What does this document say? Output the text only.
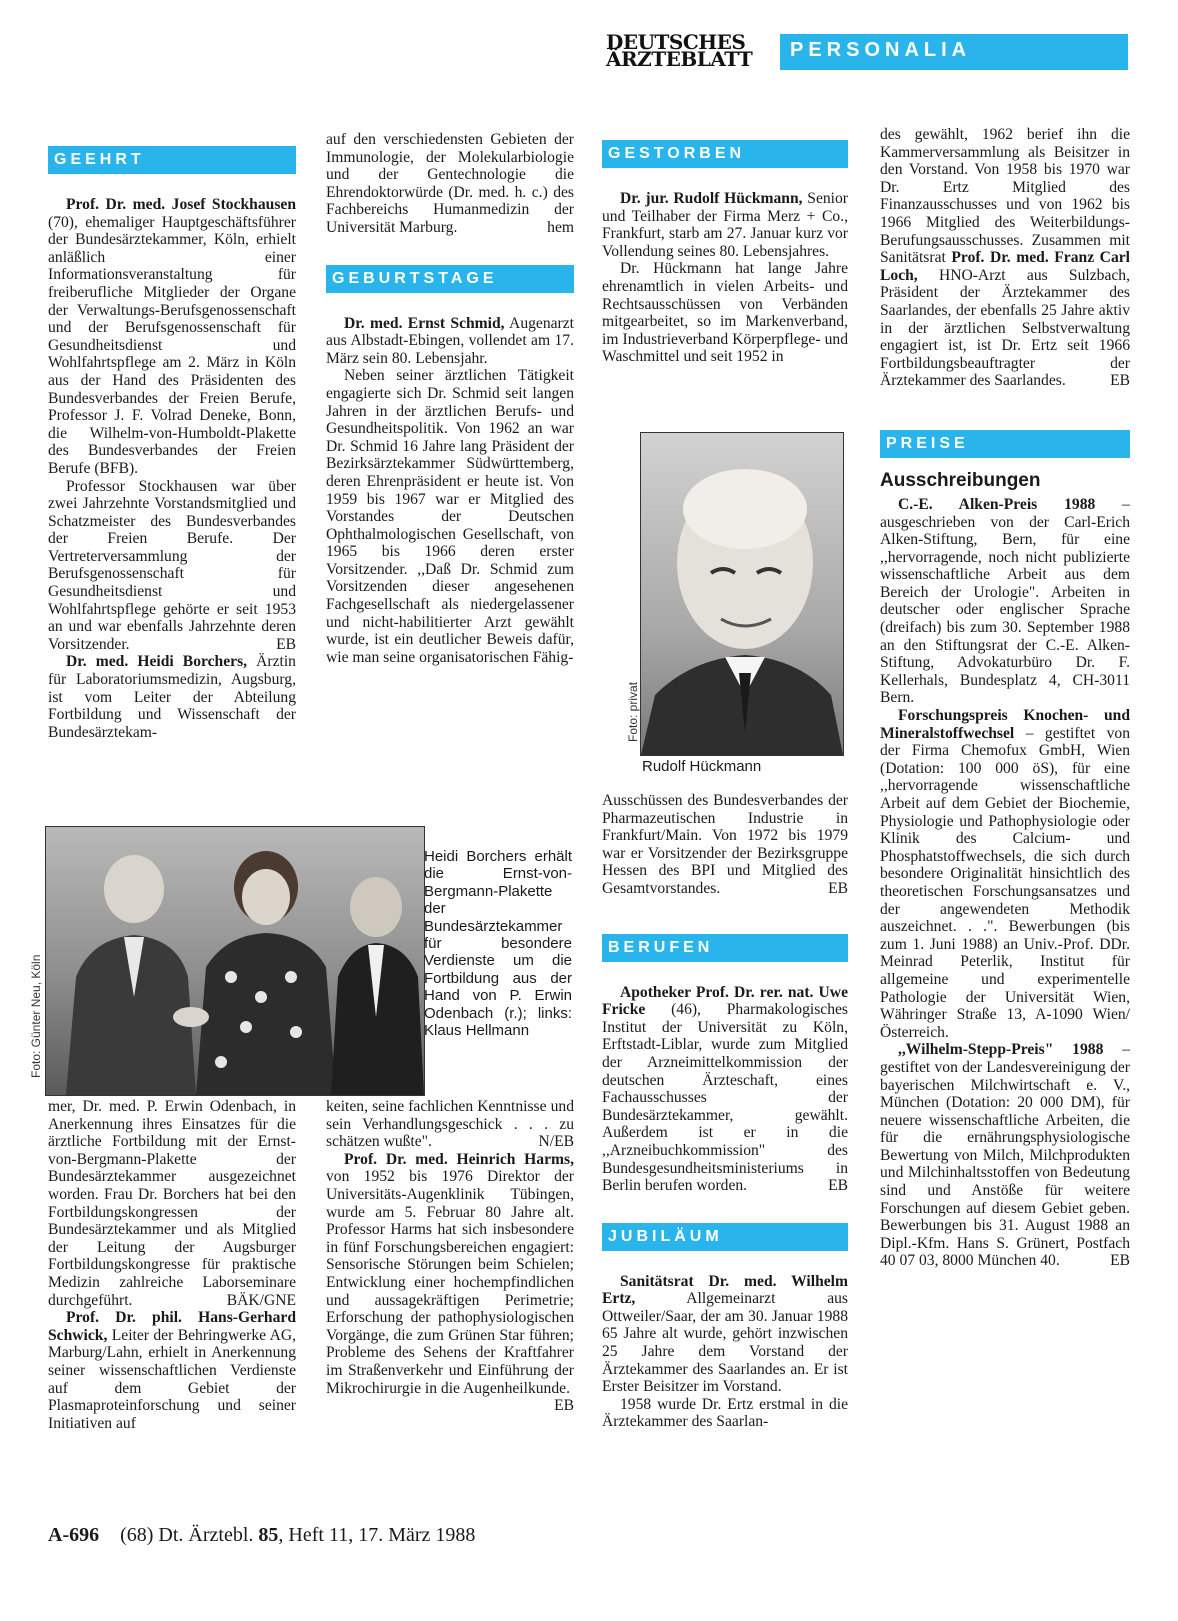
DEUTSCHES
ÄRZTEBLATT	PERSONALIA
GEEHRT

Prof. Dr. med. Josef Stockhausen (70), ehemaliger Hauptgeschäftsführer der Bundesärztekammer, Köln, erhielt anläßlich einer Informationsveranstaltung für freiberufliche Mitglieder der Organe der Verwaltungs-Berufsgenossenschaft und der Berufsgenossenschaft für Gesundheitsdienst und Wohlfahrtspflege am 2. März in Köln aus der Hand des Präsidenten des Bundesverbandes der Freien Berufe, Professor J. F. Volrad Deneke, Bonn, die Wilhelm-von-Humboldt-Plakette des Bundesverbandes der Freien Berufe (BFB).

Professor Stockhausen war über zwei Jahrzehnte Vorstandsmitglied und Schatzmeister des Bundesverbandes der Freien Berufe. Der Vertreterversammlung der Berufsgenossenschaft für Gesundheitsdienst und Wohlfahrtspflege gehörte er seit 1953 an und war ebenfalls Jahrzehnte deren Vorsitzender.	EB

Dr. med. Heidi Borchers, Ärztin für Laboratoriumsmedizin, Augsburg, ist vom Leiter der Abteilung Fortbildung und Wissenschaft der Bundesärztekam-

auf den verschiedensten Gebieten der Immunologie, der Molekularbiologie und der Gentechnologie die Ehrendoktorwürde (Dr. med. h. c.) des Fachbereichs Humanmedizin der Universität Marburg.	hem

GEBURTSTAGE

Dr. med. Ernst Schmid, Augenarzt aus Albstadt-Ebingen, vollendet am 17. März sein 80. Lebensjahr.

Neben seiner ärztlichen Tätigkeit engagierte sich Dr. Schmid seit langen Jahren in der ärztlichen Berufs- und Gesundheitspolitik. Von 1962 an war Dr. Schmid 16 Jahre lang Präsident der Bezirksärztekammer Südwürttemberg, deren Ehrenpräsident er heute ist. Von 1959 bis 1967 war er Mitglied des Vorstandes der Deutschen Ophthalmologischen Gesellschaft, von 1965 bis 1966 deren erster Vorsitzender. ,,Daß Dr. Schmid zum Vorsitzenden dieser angesehenen Fachgesellschaft als niedergelassener und nicht-habilitierter Arzt gewählt wurde, ist ein deutlicher Beweis dafür, wie man seine organisatorischen Fähig-

Foto: Günter Neu, Köln
Heidi Borchers erhält die Ernst-von-Bergmann-Plakette der Bundesärztekammer für besondere Verdienste um die Fortbildung aus der Hand von P. Erwin Odenbach (r.); links: Klaus Hellmann

mer, Dr. med. P. Erwin Odenbach, in Anerkennung ihres Einsatzes für die ärztliche Fortbildung mit der Ernst-von-Bergmann-Plakette der Bundesärztekammer ausgezeichnet worden. Frau Dr. Borchers hat bei den Fortbildungskongressen der Bundesärztekammer und als Mitglied der Leitung der Augsburger Fortbildungskongresse für praktische Medizin zahlreiche Laborseminare durchgeführt.	BÄK/GNE

Prof. Dr. phil. Hans-Gerhard Schwick, Leiter der Behringwerke AG, Marburg/Lahn, erhielt in Anerkennung seiner wissenschaftlichen Verdienste auf dem Gebiet der Plasmaproteinforschung und seiner Initiativen auf

keiten, seine fachlichen Kenntnisse und sein Verhandlungsgeschick . . . zu schätzen wußte".	N/EB

Prof. Dr. med. Heinrich Harms, von 1952 bis 1976 Direktor der Universitäts-Augenklinik Tübingen, wurde am 5. Februar 80 Jahre alt. Professor Harms hat sich insbesondere in fünf Forschungsbereichen engagiert: Sensorische Störungen beim Schielen; Entwicklung einer hochempfindlichen und aussagekräftigen Perimetrie; Erforschung der pathophysiologischen Vorgänge, die zum Grünen Star führen; Probleme des Sehens der Kraftfahrer im Straßenverkehr und Einführung der Mikrochirurgie in die Augenheilkunde.
EB

GESTORBEN

Dr. jur. Rudolf Hückmann, Senior und Teilhaber der Firma Merz + Co., Frankfurt, starb am 27. Januar kurz vor Vollendung seines 80. Lebensjahres.

Dr. Hückmann hat lange Jahre ehrenamtlich in vielen Arbeits- und Rechtsausschüssen von Verbänden mitgearbeitet, so im Markenverband, im Industrieverband Körperpflege- und Waschmittel und seit 1952 in

Foto: privat
Rudolf Hückmann

Ausschüssen des Bundesverbandes der Pharmazeutischen Industrie in Frankfurt/Main. Von 1972 bis 1979 war er Vorsitzender der Bezirksgruppe Hessen des BPI und Mitglied des Gesamtvorstandes.	EB

BERUFEN

Apotheker Prof. Dr. rer. nat. Uwe Fricke (46), Pharmakologisches Institut der Universität zu Köln, Erftstadt-Liblar, wurde zum Mitglied der Arzneimittelkommission der deutschen Ärzteschaft, eines Fachausschusses der Bundesärztekammer, gewählt. Außerdem ist er in die ,,Arzneibuchkommission" des Bundesgesundheitsministeriums in Berlin berufen worden.	EB

JUBILÄUM

Sanitätsrat Dr. med. Wilhelm Ertz, Allgemeinarzt aus Ottweiler/Saar, der am 30. Januar 1988 65 Jahre alt wurde, gehört inzwischen 25 Jahre dem Vorstand der Ärztekammer des Saarlandes an. Er ist Erster Beisitzer im Vorstand.

1958 wurde Dr. Ertz erstmal in die Ärztekammer des Saarlan-

des gewählt, 1962 berief ihn die Kammerversammlung als Beisitzer in den Vorstand. Von 1958 bis 1970 war Dr. Ertz Mitglied des Finanzausschusses und von 1962 bis 1966 Mitglied des Weiterbildungs-Berufungsausschusses. Zusammen mit Sanitätsrat Prof. Dr. med. Franz Carl Loch, HNO-Arzt aus Sulzbach, Präsident der Ärztekammer des Saarlandes, der ebenfalls 25 Jahre aktiv in der ärztlichen Selbstverwaltung engagiert ist, ist Dr. Ertz seit 1966 Fortbildungsbeauftragter der Ärztekammer des Saarlandes.	EB

PREISE
Ausschreibungen

C.-E. Alken-Preis 1988 – ausgeschrieben von der Carl-Erich Alken-Stiftung, Bern, für eine ,,hervorragende, noch nicht publizierte wissenschaftliche Arbeit aus dem Bereich der Urologie". Arbeiten in deutscher oder englischer Sprache (dreifach) bis zum 30. September 1988 an den Stiftungsrat der C.-E. Alken-Stiftung, Advokaturbüro Dr. F. Kellerhals, Bundesplatz 4, CH-3011 Bern.

Forschungspreis Knochen- und Mineralstoffwechsel – gestiftet von der Firma Chemofux GmbH, Wien (Dotation: 100 000 öS), für eine ,,hervorragende wissenschaftliche Arbeit auf dem Gebiet der Biochemie, Physiologie und Pathophysiologie oder Klinik des Calcium- und Phosphatstoffwechsels, die sich durch besondere Originalität hinsichtlich des theoretischen Forschungsansatzes und der angewendeten Methodik auszeichnet. . .". Bewerbungen (bis zum 1. Juni 1988) an Univ.-Prof. DDr. Meinrad Peterlik, Institut für allgemeine und experimentelle Pathologie der Universität Wien, Währinger Straße 13, A-1090 Wien/Österreich.

,,Wilhelm-Stepp-Preis" 1988 – gestiftet von der Landesvereinigung der bayerischen Milchwirtschaft e. V., München (Dotation: 20 000 DM), für neuere wissenschaftliche Arbeiten, die für die ernährungsphysiologische Bewertung von Milch, Milchprodukten und Milchinhaltsstoffen von Bedeutung sind und Anstöße für weitere Forschungen auf diesem Gebiet geben. Bewerbungen bis 31. August 1988 an Dipl.-Kfm. Hans S. Grünert, Postfach 40 07 03, 8000 München 40.	EB

A-696 (68) Dt. Ärztebl. 85, Heft 11, 17. März 1988
